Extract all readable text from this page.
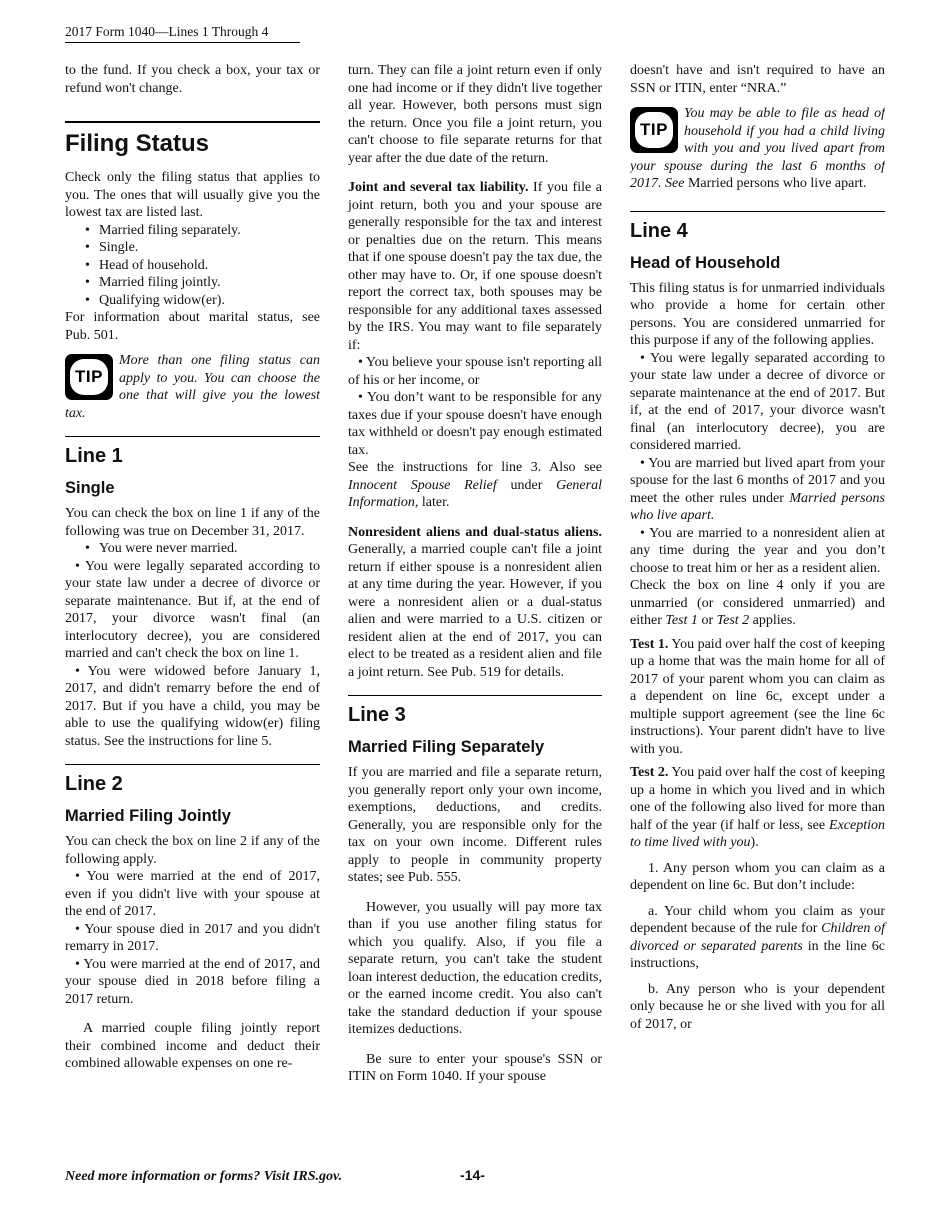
2017 Form 1040—Lines 1 Through 4

to the fund. If you check a box, your tax or refund won't change.

Filing Status

Check only the filing status that applies to you. The ones that will usually give you the lowest tax are listed last.

• Married filing separately.
• Single.
• Head of household.
• Married filing jointly.
• Qualifying widow(er).

For information about marital status, see Pub. 501.

TIP

More than one filing status can apply to you. You can choose the one that will give you the lowest tax.

Line 1
Single

You can check the box on line 1 if any of the following was true on December 31, 2017.

• You were never married.

• You were legally separated according to your state law under a decree of divorce or separate maintenance. But if, at the end of 2017, your divorce wasn't final (an interlocutory decree), you are considered married and can't check the box on line 1.

• You were widowed before January 1, 2017, and didn't remarry before the end of 2017. But if you have a child, you may be able to use the qualifying widow(er) filing status. See the instructions for line 5.

Line 2
Married Filing Jointly

You can check the box on line 2 if any of the following apply.

• You were married at the end of 2017, even if you didn't live with your spouse at the end of 2017.

• Your spouse died in 2017 and you didn't remarry in 2017.

• You were married at the end of 2017, and your spouse died in 2018 before filing a 2017 return.

A married couple filing jointly report their combined income and deduct their combined allowable expenses on one re-

turn. They can file a joint return even if only one had income or if they didn't live together all year. However, both persons must sign the return. Once you file a joint return, you can't choose to file separate returns for that year after the due date of the return.

Joint and several tax liability. If you file a joint return, both you and your spouse are generally responsible for the tax and interest or penalties due on the return. This means that if one spouse doesn't pay the tax due, the other may have to. Or, if one spouse doesn't report the correct tax, both spouses may be responsible for any additional taxes assessed by the IRS. You may want to file separately if:

• You believe your spouse isn't reporting all of his or her income, or

• You don’t want to be responsible for any taxes due if your spouse doesn't have enough tax withheld or doesn't pay enough estimated tax.

See the instructions for line 3. Also see Innocent Spouse Relief under General Information, later.

Nonresident aliens and dual-status aliens. Generally, a married couple can't file a joint return if either spouse is a nonresident alien at any time during the year. However, if you were a nonresident alien or a dual-status alien and were married to a U.S. citizen or resident alien at the end of 2017, you can elect to be treated as a resident alien and file a joint return. See Pub. 519 for details.

Line 3
Married Filing Separately

If you are married and file a separate return, you generally report only your own income, exemptions, deductions, and credits. Generally, you are responsible only for the tax on your own income. Different rules apply to people in community property states; see Pub. 555.

However, you usually will pay more tax than if you use another filing status for which you qualify. Also, if you file a separate return, you can't take the student loan interest deduction, the education credits, or the earned income credit. You also can't take the standard deduction if your spouse itemizes deductions.

Be sure to enter your spouse's SSN or ITIN on Form 1040. If your spouse

doesn't have and isn't required to have an SSN or ITIN, enter “NRA.”

TIP

You may be able to file as head of household if you had a child living with you and you lived apart from your spouse during the last 6 months of 2017. See Married persons who live apart.

Line 4
Head of Household

This filing status is for unmarried individuals who provide a home for certain other persons. You are considered unmarried for this purpose if any of the following applies.

• You were legally separated according to your state law under a decree of divorce or separate maintenance at the end of 2017. But if, at the end of 2017, your divorce wasn't final (an interlocutory decree), you are considered married.

• You are married but lived apart from your spouse for the last 6 months of 2017 and you meet the other rules under Married persons who live apart.

• You are married to a nonresident alien at any time during the year and you don’t choose to treat him or her as a resident alien.

Check the box on line 4 only if you are unmarried (or considered unmarried) and either Test 1 or Test 2 applies.

Test 1. You paid over half the cost of keeping up a home that was the main home for all of 2017 of your parent whom you can claim as a dependent on line 6c, except under a multiple support agreement (see the line 6c instructions). Your parent didn't have to live with you.

Test 2. You paid over half the cost of keeping up a home in which you lived and in which one of the following also lived for more than half of the year (if half or less, see Exception to time lived with you).

1. Any person whom you can claim as a dependent on line 6c. But don’t include:

a. Your child whom you claim as your dependent because of the rule for Children of divorced or separated parents in the line 6c instructions,

b. Any person who is your dependent only because he or she lived with you for all of 2017, or

Need more information or forms? Visit IRS.gov.	-14-
